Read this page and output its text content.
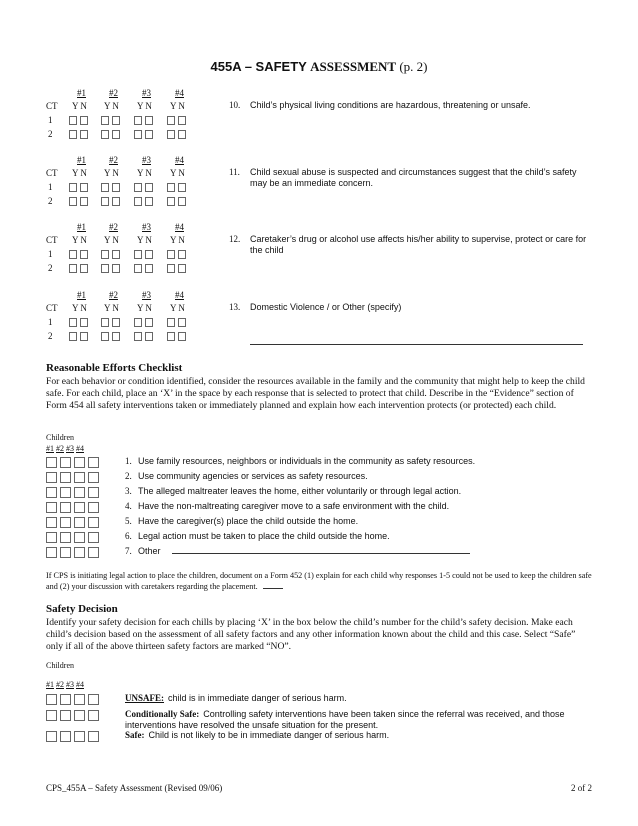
455A – SAFETY ASSESSMENT (p. 2)
#1
Y N
#2
Y N
#3
Y N
#4
Y N
CT
1
2
10. Child’s physical living conditions are hazardous, threatening or unsafe.
#1
Y N
#2
Y N
#3
Y N
#4
Y N
CT
1
2
11. Child sexual abuse is suspected and circumstances suggest that the child’s safety may be an immediate concern.
#1
Y N
#2
Y N
#3
Y N
#4
Y N
CT
1
2
12. Caretaker’s drug or alcohol use affects his/her ability to supervise, protect or care for the child
#1
Y N
#2
Y N
#3
Y N
#4
Y N
CT
1
2
13. Domestic Violence / or Other (specify)
Reasonable Efforts Checklist
For each behavior or condition identified, consider the resources available in the family and the community that might help to keep the child safe. For each child, place an ‘X’ in the space by each response that is selected to protect that child. Describe in the “Evidence” section of Form 454 all safety interventions taken or immediately planned and explain how each intervention protects (or protected) each child.
Children
#1 #2 #3 #4
1. Use family resources, neighbors or individuals in the community as safety resources.
2. Use community agencies or services as safety resources.
3. The alleged maltreater leaves the home, either voluntarily or through legal action.
4. Have the non-maltreating caregiver move to a safe environment with the child.
5. Have the caregiver(s) place the child outside the home.
6. Legal action must be taken to place the child outside the home.
7. Other
If CPS is initiating legal action to place the children, document on a Form 452 (1) explain for each child why responses 1-5 could not be used to keep the children safe and (2) your discussion with caretakers regarding the placement.
Safety Decision
Identify your safety decision for each chills by placing ‘X’ in the box below the child’s number for the child’s safety decision. Make each child’s decision based on the assessment of all safety factors and any other information known about the child and this case. Select “Safe” only if all of the above thirteen safety factors are marked “NO”.
Children
#1 #2 #3 #4
UNSAFE: child is in immediate danger of serious harm.
Conditionally Safe: Controlling safety interventions have been taken since the referral was received, and those interventions have resolved the unsafe situation for the present.
Safe: Child is not likely to be in immediate danger of serious harm.
CPS_455A – Safety Assessment (Revised 09/06)	2 of 2
